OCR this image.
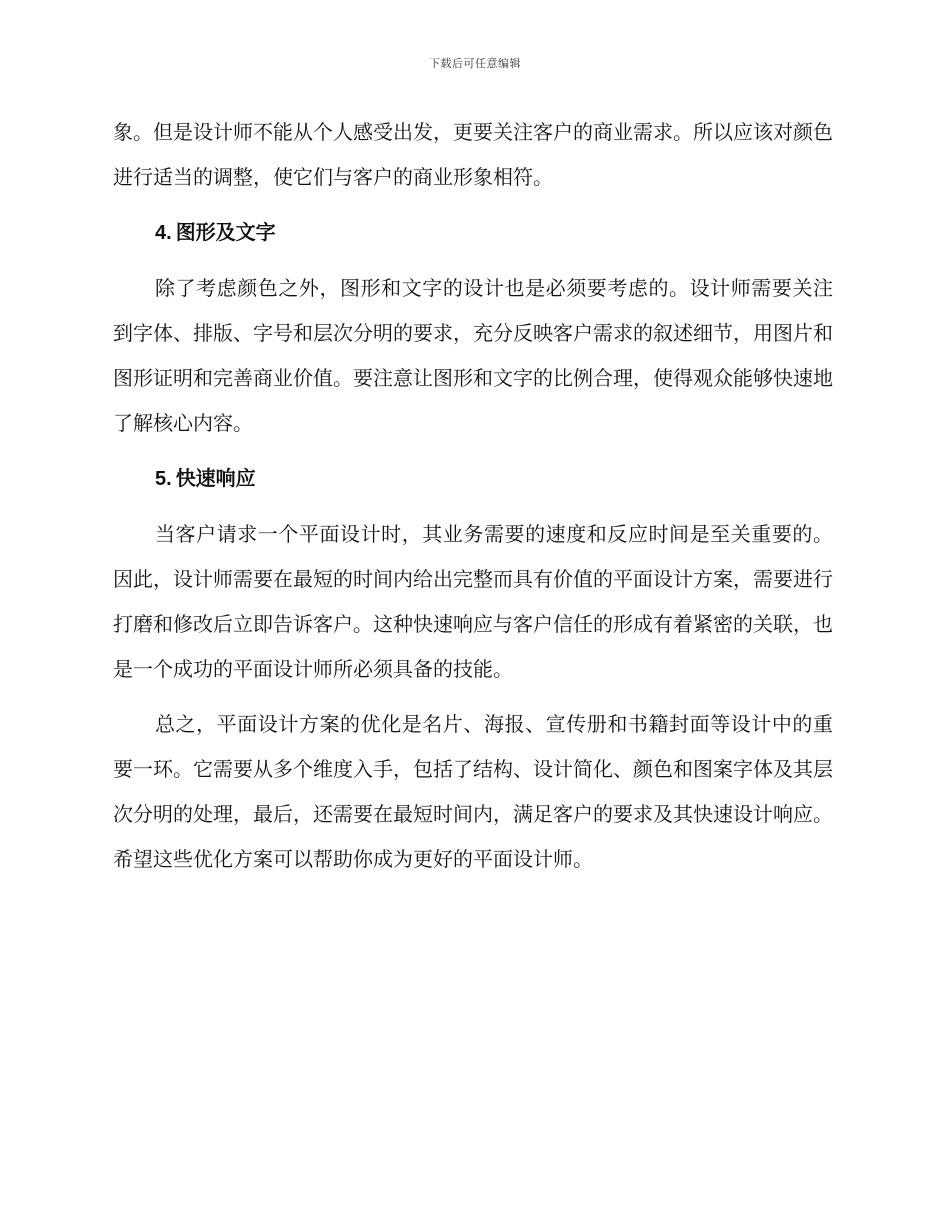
下载后可任意编辑

象。但是设计师不能从个人感受出发，更要关注客户的商业需求。所以应该对颜色进行适当的调整，使它们与客户的商业形象相符。

4. 图形及文字

除了考虑颜色之外，图形和文字的设计也是必须要考虑的。设计师需要关注到字体、排版、字号和层次分明的要求，充分反映客户需求的叙述细节，用图片和图形证明和完善商业价值。要注意让图形和文字的比例合理，使得观众能够快速地了解核心内容。

5. 快速响应

当客户请求一个平面设计时，其业务需要的速度和反应时间是至关重要的。因此，设计师需要在最短的时间内给出完整而具有价值的平面设计方案，需要进行打磨和修改后立即告诉客户。这种快速响应与客户信任的形成有着紧密的关联，也是一个成功的平面设计师所必须具备的技能。

总之，平面设计方案的优化是名片、海报、宣传册和书籍封面等设计中的重要一环。它需要从多个维度入手，包括了结构、设计简化、颜色和图案字体及其层次分明的处理，最后，还需要在最短时间内，满足客户的要求及其快速设计响应。希望这些优化方案可以帮助你成为更好的平面设计师。
